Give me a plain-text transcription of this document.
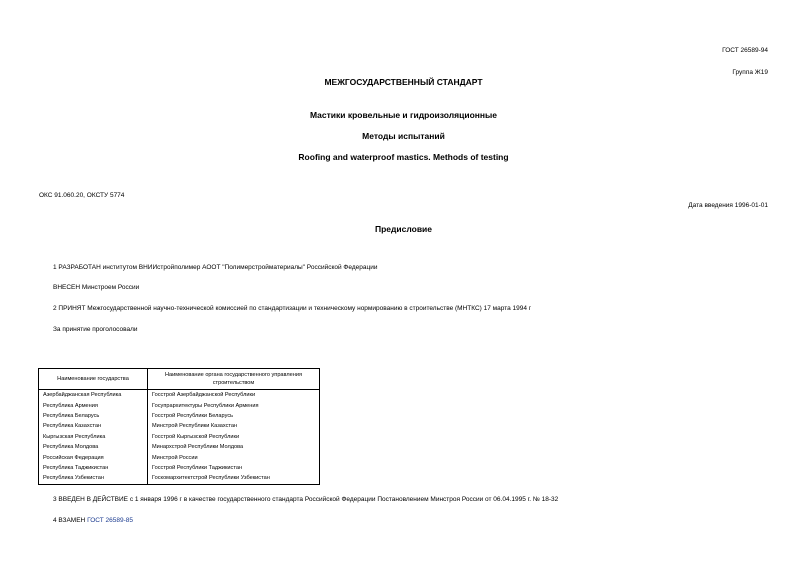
ГОСТ 26589-94
Группа Ж19
МЕЖГОСУДАРСТВЕННЫЙ СТАНДАРТ
Мастики кровельные и гидроизоляционные
Методы испытаний
Roofing and waterproof mastics. Methods of testing
ОКС 91.060.20, ОКСТУ 5774
Дата введения 1996-01-01
Предисловие
1 РАЗРАБОТАН институтом ВНИИстройполимер АООТ "Полимерстройматериалы" Российской Федерации
ВНЕСЕН Минстроем России
2 ПРИНЯТ Межгосударственной научно-технической комиссией по стандартизации и техническому нормированию в строительстве (МНТКС) 17 марта 1994 г
За принятие проголосовали
Наименование государства	Наименование органа государственного управления строительством
Азербайджанская Республика	Госстрой Азербайджанской Республики
Республика Армения	Госупрархитектуры Республики Армения
Республика Беларусь	Госстрой Республики Беларусь
Республика Казахстан	Минстрой Республики Казахстан
Кыргызская Республика	Госстрой Кыргызской Республики
Республика Молдова	Минархстрой Республики Молдова
Российская Федерация	Минстрой России
Республика Таджикистан	Госстрой Республики Таджикистан
Республика Узбекистан	Госкомархитектстрой Республики Узбекистан
3 ВВЕДЕН В ДЕЙСТВИЕ с 1 января 1996 г в качестве государственного стандарта Российской Федерации Постановлением Минстроя России от 06.04.1995 г. № 18-32
4 ВЗАМЕН ГОСТ 26589-85
